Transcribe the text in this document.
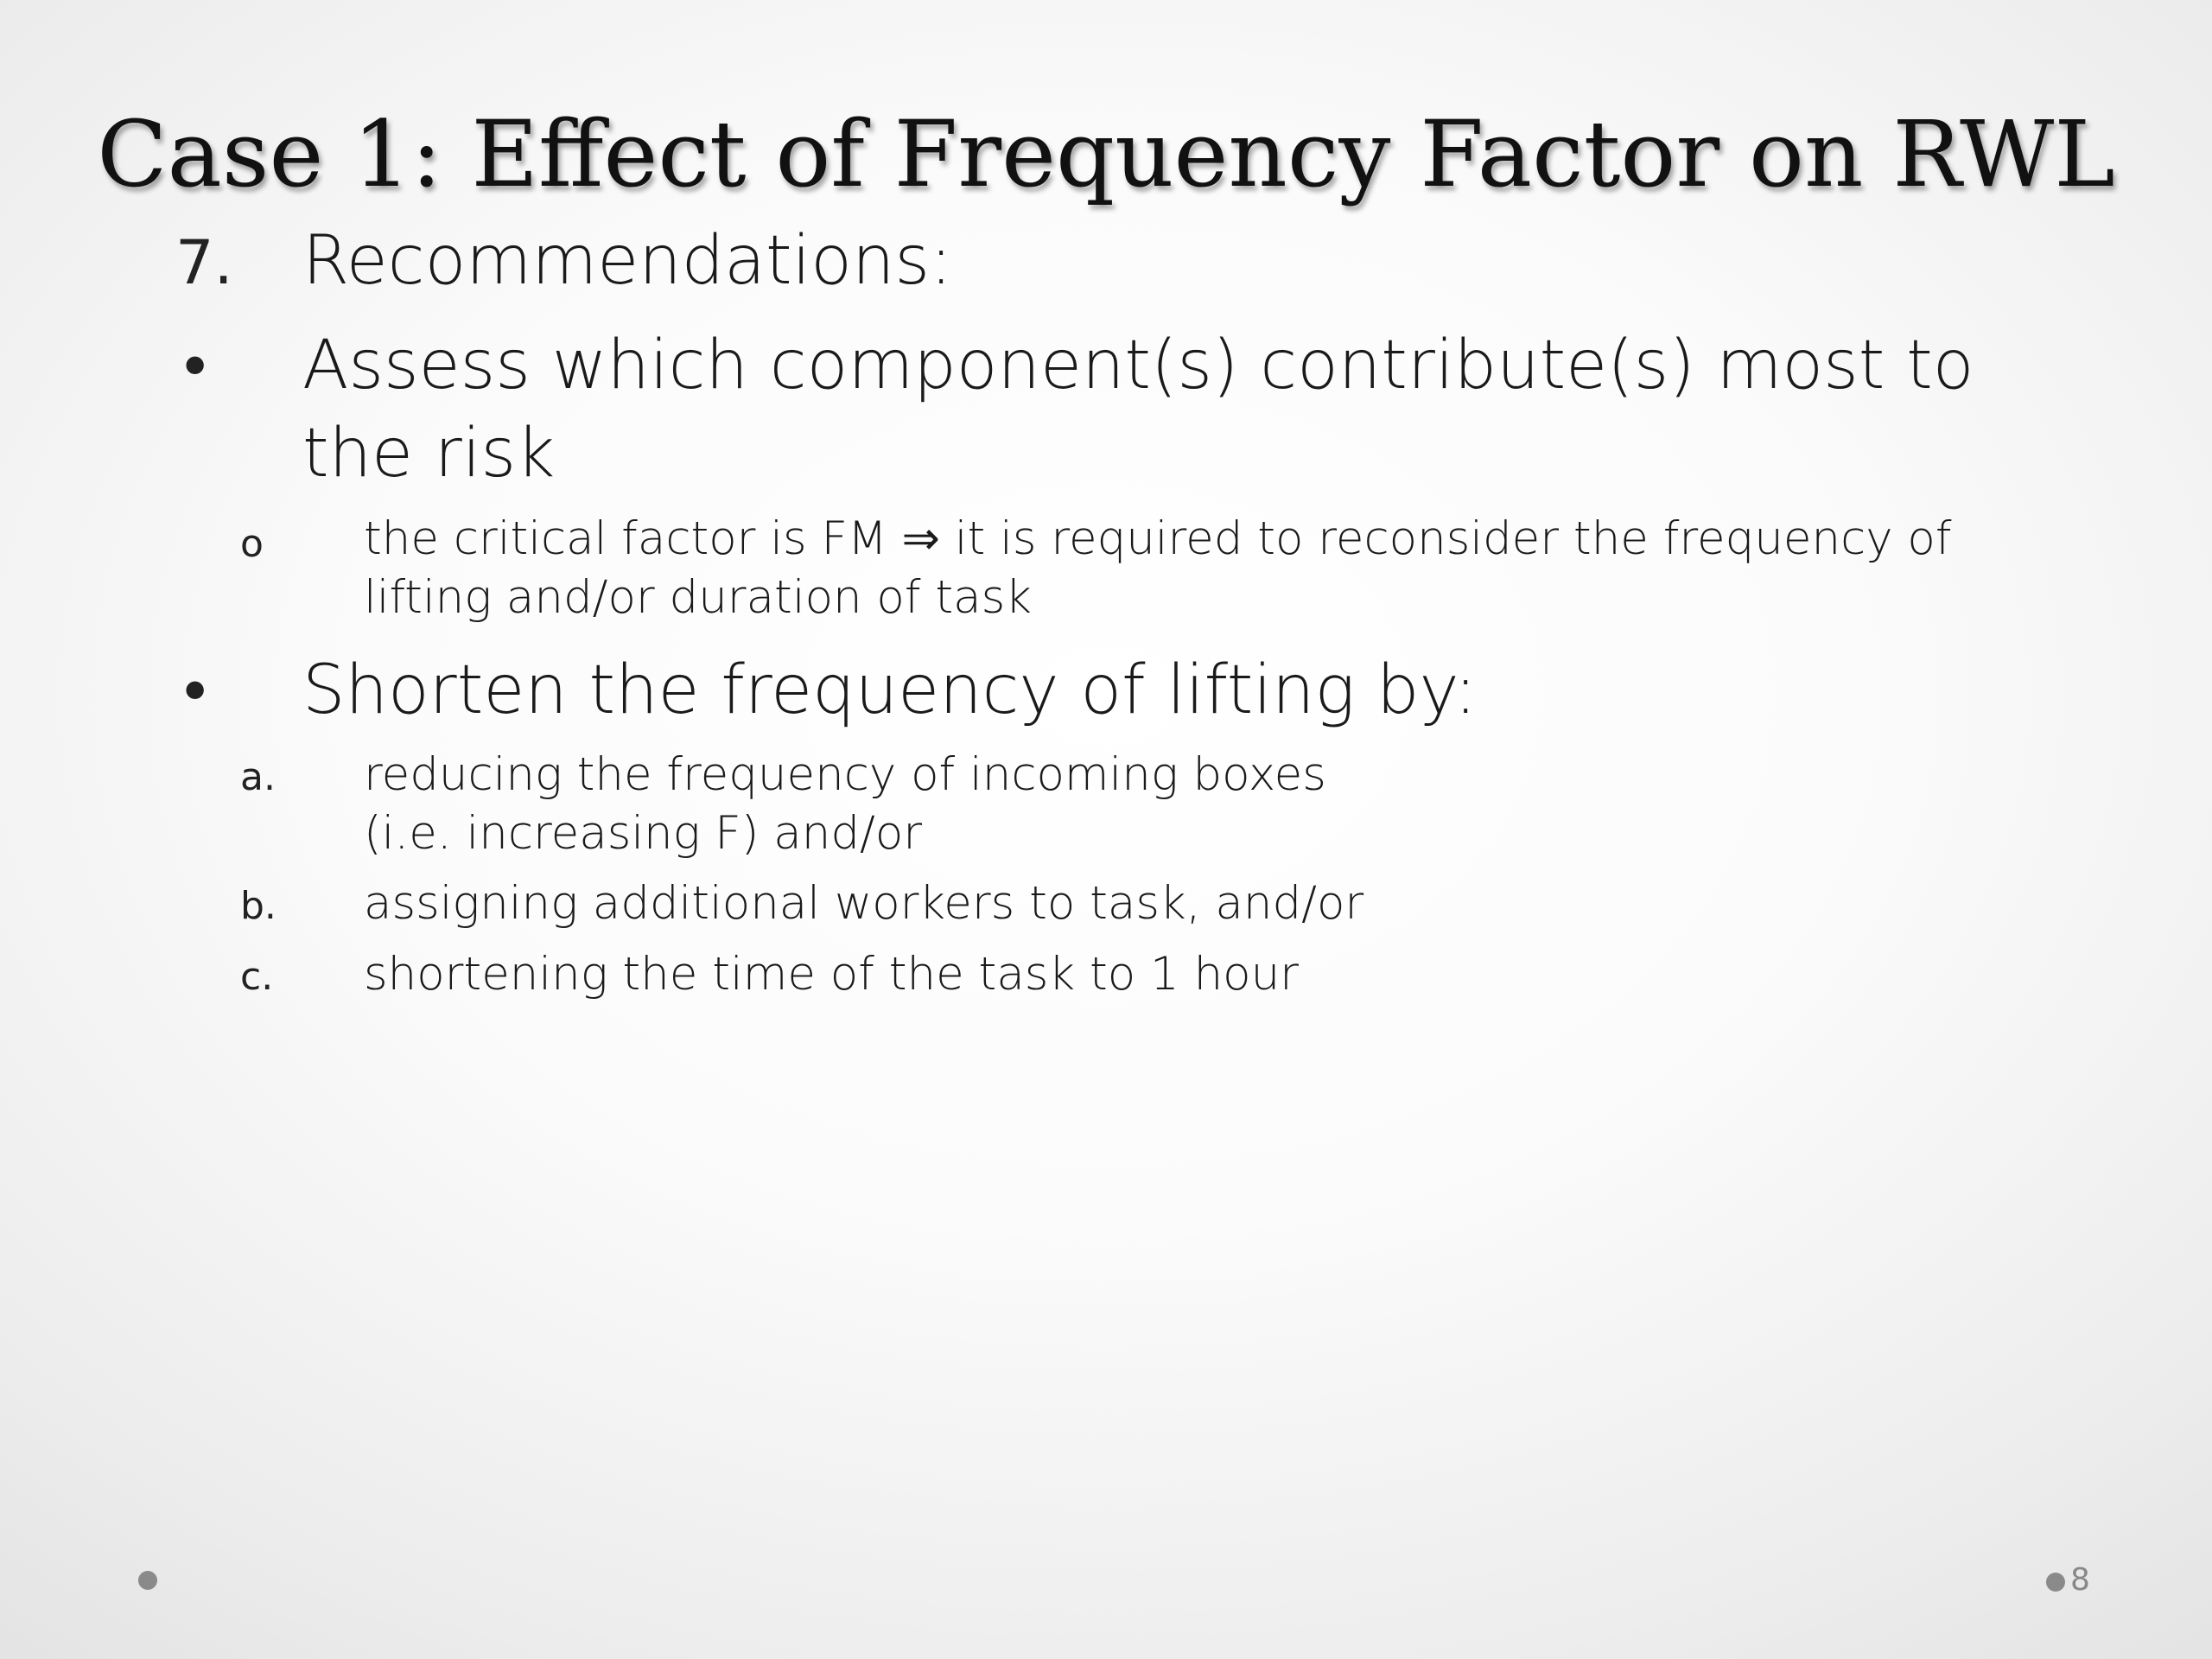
Case 1: Effect of Frequency Factor on RWL
7. Recommendations:
• Assess which component(s) contribute(s) most to
the risk
o the critical factor is FM ⇒ it is required to reconsider the frequency of
lifting and/or duration of task
• Shorten the frequency of lifting by:
a. reducing the frequency of incoming boxes
(i.e. increasing F) and/or
b. assigning additional workers to task, and/or
c. shortening the time of the task to 1 hour
8
